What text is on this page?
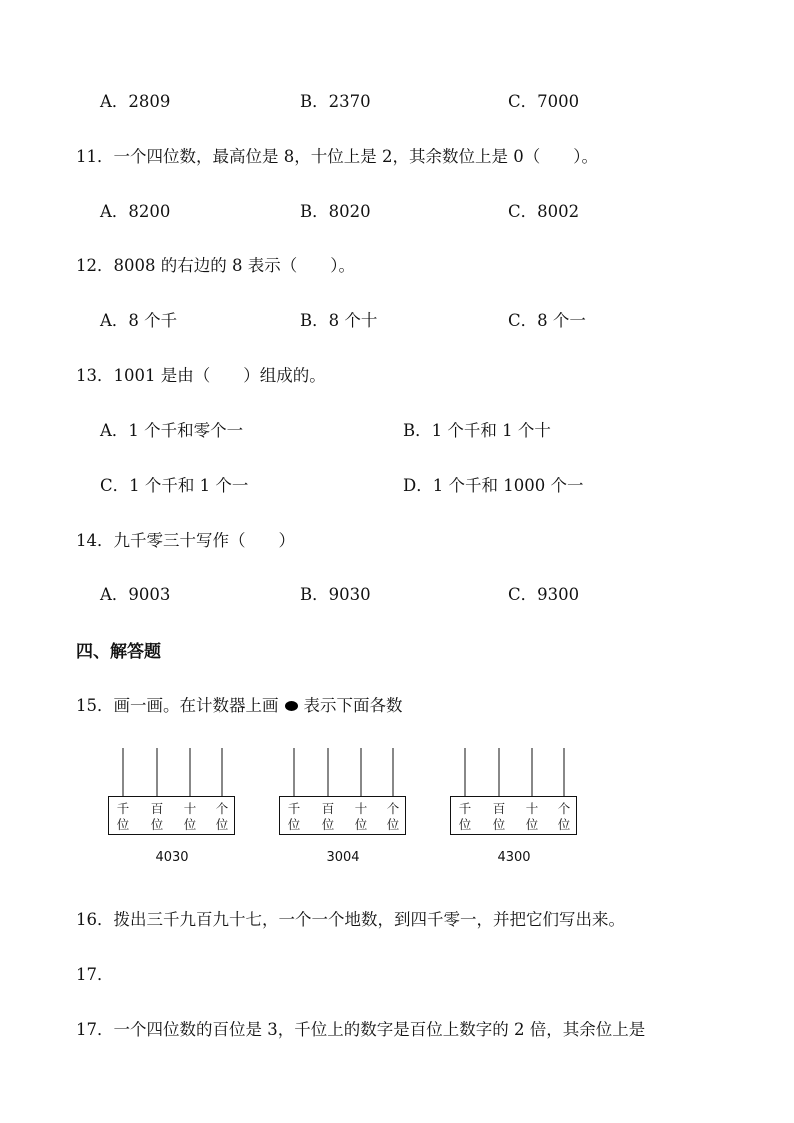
A．2809	B．2370	C．7000
11．一个四位数，最高位是 8，十位上是 2，其余数位上是 0（　　）。
A．8200	B．8020	C．8002
12．8008 的右边的 8 表示（　　）。
A．8 个千	B．8 个十	C．8 个一
13．1001 是由（　　）组成的。
A．1 个千和零个一	B．1 个千和 1 个十
C．1 个千和 1 个一	D．1 个千和 1000 个一
14．九千零三十写作（　　）
A．9003	B．9030	C．9300
四、解答题
15．画一画。在计数器上画 表示下面各数
千
位
百
位
十
位
个
位
4030
千
位
百
位
十
位
个
位
3004
千
位
百
位
十
位
个
位
4300
16．拨出三千九百九十七，一个一个地数，到四千零一，并把它们写出来。
17．
17．一个四位数的百位是 3，千位上的数字是百位上数字的 2 倍，其余位上是
